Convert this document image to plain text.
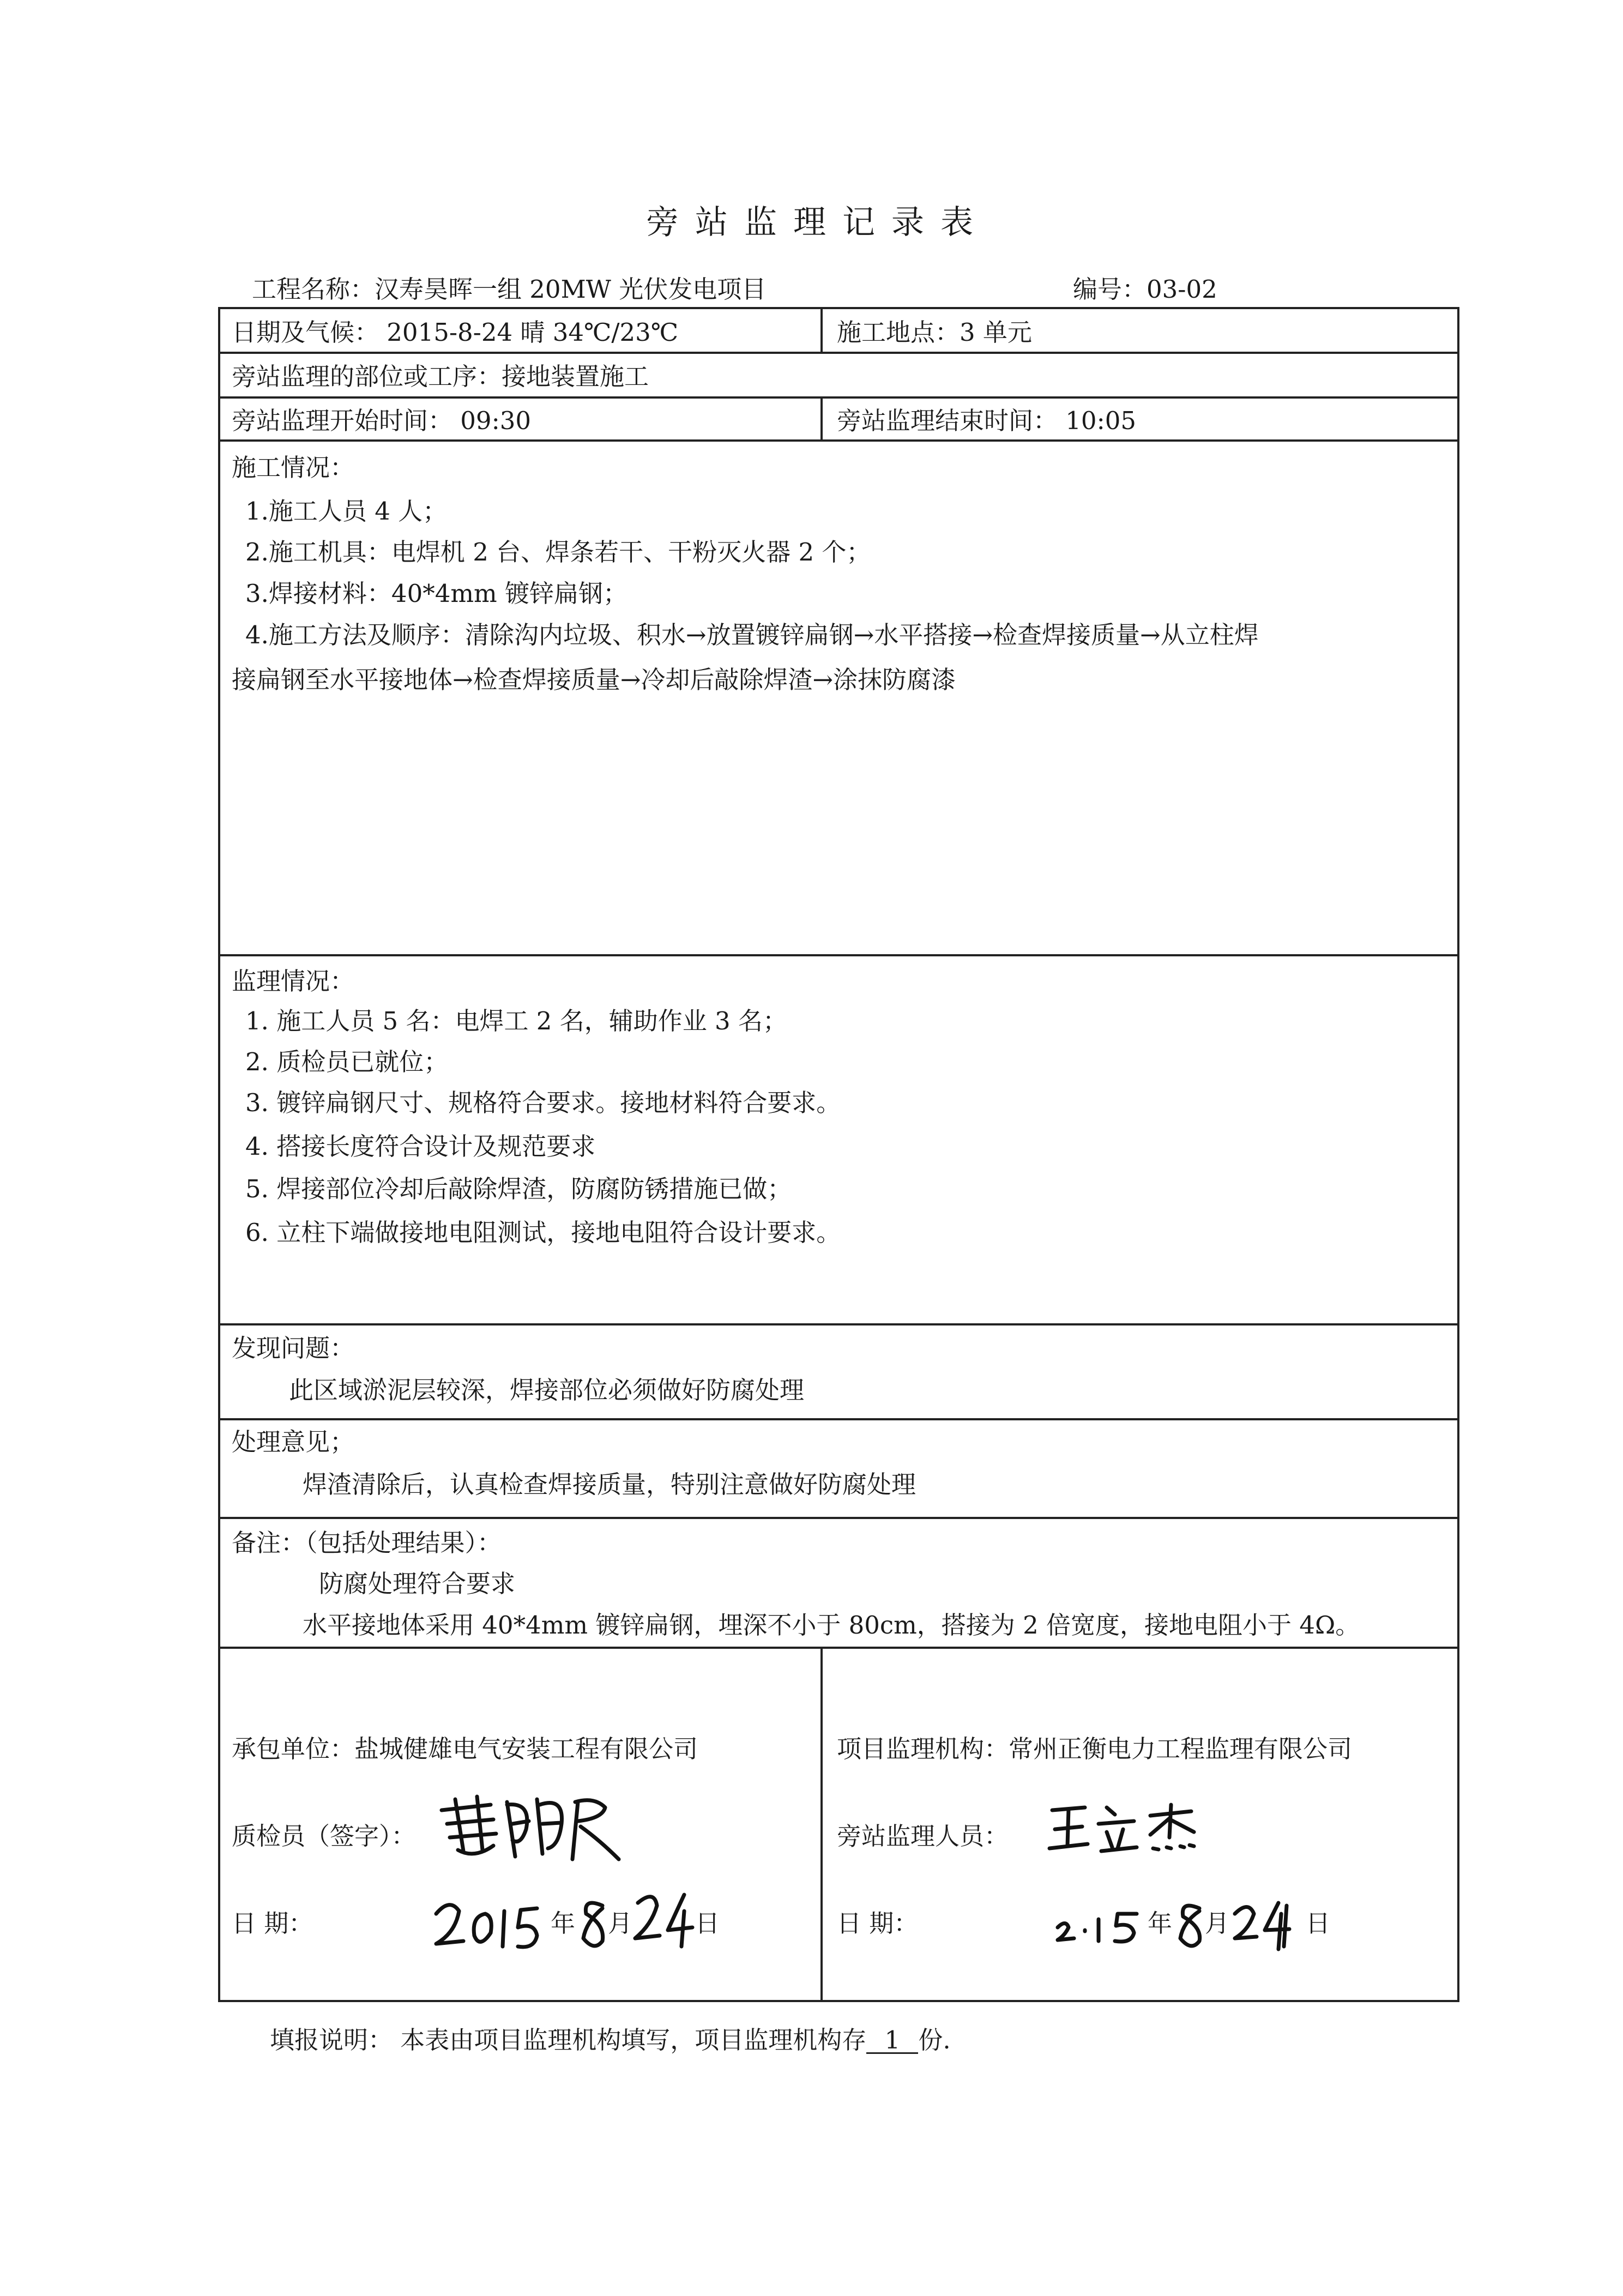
旁站监理记录表
工程名称：汉寿昊晖一组 20MW 光伏发电项目	编号：03-02
日期及气候： 2015-8-24 晴 34℃/23℃	施工地点：3 单元
旁站监理的部位或工序：接地装置施工
旁站监理开始时间： 09:30	旁站监理结束时间： 10:05
施工情况：
1.施工人员 4 人；
2.施工机具：电焊机 2 台、焊条若干、干粉灭火器 2 个；
3.焊接材料：40*4mm 镀锌扁钢；
4.施工方法及顺序：清除沟内垃圾、积水→放置镀锌扁钢→水平搭接→检查焊接质量→从立柱焊
接扁钢至水平接地体→检查焊接质量→冷却后敲除焊渣→涂抹防腐漆
监理情况：
1. 施工人员 5 名：电焊工 2 名，辅助作业 3 名；
2. 质检员已就位；
3. 镀锌扁钢尺寸、规格符合要求。接地材料符合要求。
4. 搭接长度符合设计及规范要求
5. 焊接部位冷却后敲除焊渣，防腐防锈措施已做；
6. 立柱下端做接地电阻测试，接地电阻符合设计要求。
发现问题：
此区域淤泥层较深，焊接部位必须做好防腐处理
处理意见；
焊渣清除后，认真检查焊接质量，特别注意做好防腐处理
备注：（包括处理结果）：
防腐处理符合要求
水平接地体采用 40*4mm 镀锌扁钢，埋深不小于 80cm，搭接为 2 倍宽度，接地电阻小于 4Ω。
承包单位：盐城健雄电气安装工程有限公司
质检员（签字）：
日 期：	年 月	日
项目监理机构：常州正衡电力工程监理有限公司
旁站监理人员：
日 期：	年 月	日
填报说明： 本表由项目监理机构填写，项目监理机构存 1 份.
